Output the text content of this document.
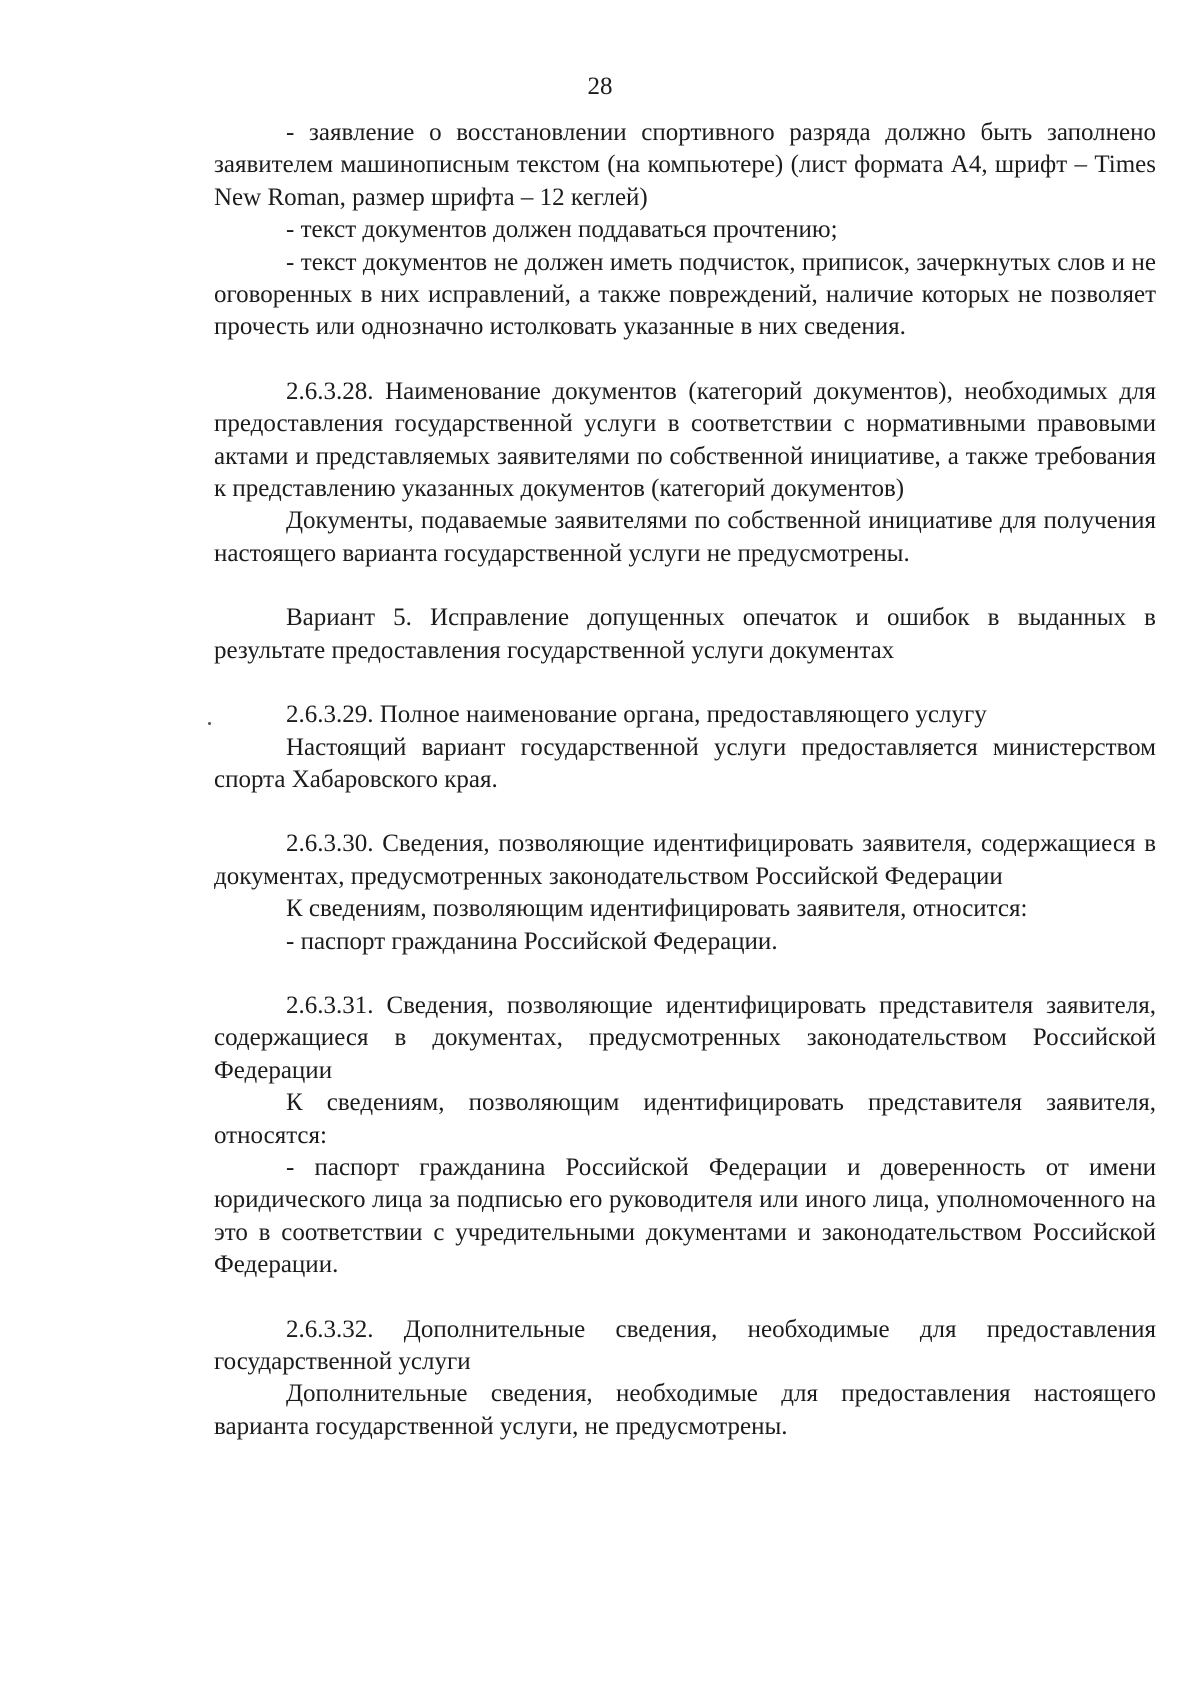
28

- заявление о восстановлении спортивного разряда должно быть заполнено заявителем машинописным текстом (на компьютере) (лист формата А4, шрифт – Times New Roman, размер шрифта – 12 кеглей)

- текст документов должен поддаваться прочтению;

- текст документов не должен иметь подчисток, приписок, зачеркнутых слов и не оговоренных в них исправлений, а также повреждений, наличие которых не позволяет прочесть или однозначно истолковать указанные в них сведения.

2.6.3.28. Наименование документов (категорий документов), необходимых для предоставления государственной услуги в соответствии с нормативными правовыми актами и представляемых заявителями по собственной инициативе, а также требования к представлению указанных документов (категорий документов)

Документы, подаваемые заявителями по собственной инициативе для получения настоящего варианта государственной услуги не предусмотрены.

Вариант 5. Исправление допущенных опечаток и ошибок в выданных в результате предоставления государственной услуги документах

2.6.3.29. Полное наименование органа, предоставляющего услугу

Настоящий вариант государственной услуги предоставляется министерством спорта Хабаровского края.

2.6.3.30. Сведения, позволяющие идентифицировать заявителя, содержащиеся в документах, предусмотренных законодательством Российской Федерации

К сведениям, позволяющим идентифицировать заявителя, относится:

- паспорт гражданина Российской Федерации.

2.6.3.31. Сведения, позволяющие идентифицировать представителя заявителя, содержащиеся в документах, предусмотренных законодательством Российской Федерации

К сведениям, позволяющим идентифицировать представителя заявителя, относятся:

- паспорт гражданина Российской Федерации и доверенность от имени юридического лица за подписью его руководителя или иного лица, уполномоченного на это в соответствии с учредительными документами и законодательством Российской Федерации.

2.6.3.32. Дополнительные сведения, необходимые для предоставления государственной услуги

Дополнительные сведения, необходимые для предоставления настоящего варианта государственной услуги, не предусмотрены.
